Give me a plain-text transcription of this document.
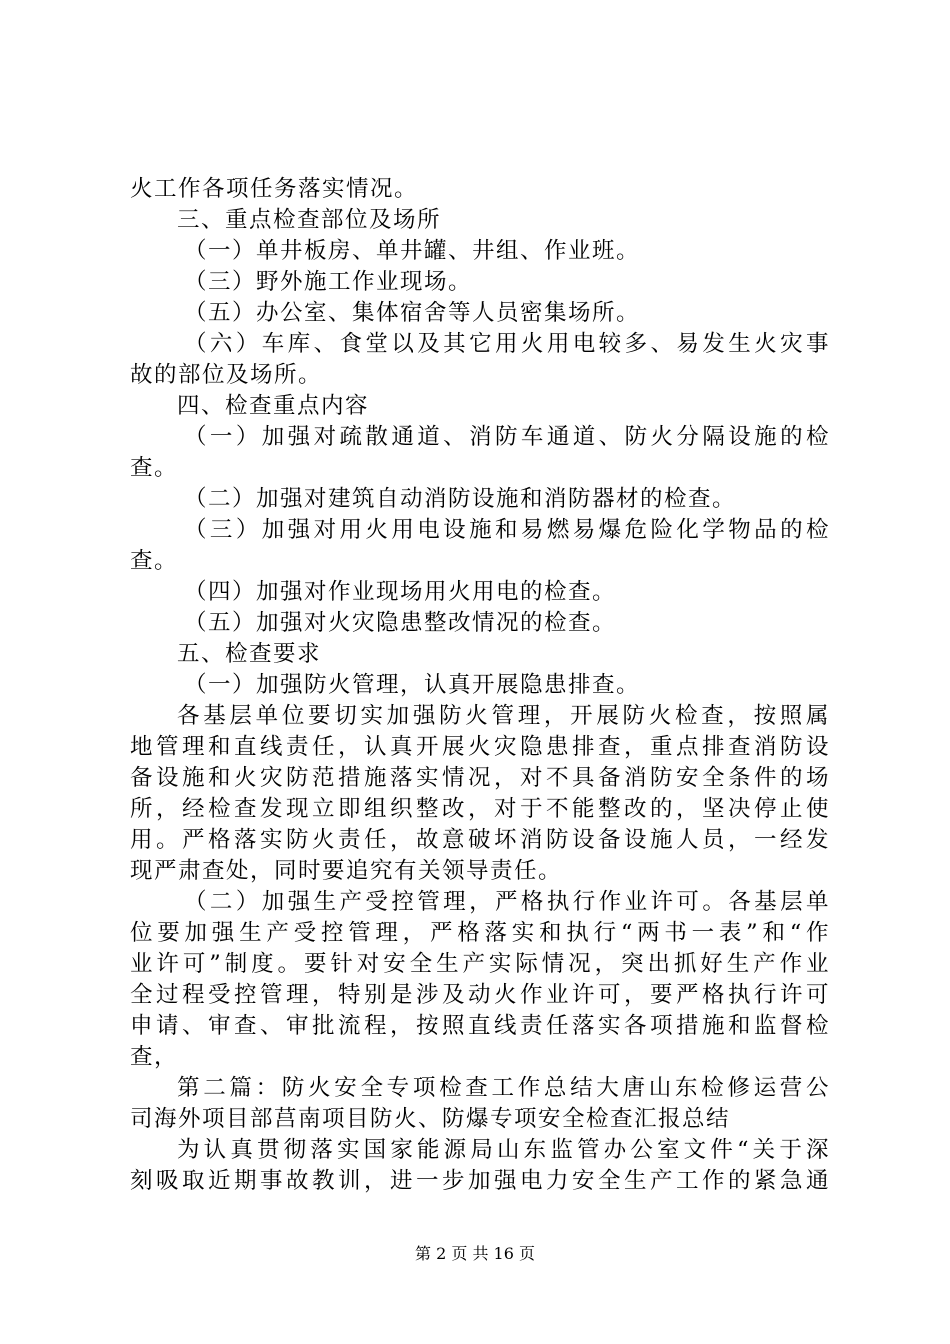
火工作各项任务落实情况。
三、重点检查部位及场所
（一）单井板房、单井罐、井组、作业班。
（三）野外施工作业现场。
（五）办公室、集体宿舍等人员密集场所。
（六）车库、食堂以及其它用火用电较多、易发生火灾事
故的部位及场所。
四、检查重点内容
（一）加强对疏散通道、消防车通道、防火分隔设施的检
查。
（二）加强对建筑自动消防设施和消防器材的检查。
（三）加强对用火用电设施和易燃易爆危险化学物品的检
查。
（四）加强对作业现场用火用电的检查。
（五）加强对火灾隐患整改情况的检查。
五、检查要求
（一）加强防火管理，认真开展隐患排查。
各基层单位要切实加强防火管理，开展防火检查，按照属
地管理和直线责任，认真开展火灾隐患排查，重点排查消防设
备设施和火灾防范措施落实情况，对不具备消防安全条件的场
所，经检查发现立即组织整改，对于不能整改的，坚决停止使
用。严格落实防火责任，故意破坏消防设备设施人员，一经发
现严肃查处，同时要追究有关领导责任。
（二）加强生产受控管理，严格执行作业许可。各基层单
位要加强生产受控管理，严格落实和执行“两书一表”和“作
业许可”制度。要针对安全生产实际情况，突出抓好生产作业
全过程受控管理，特别是涉及动火作业许可，要严格执行许可
申请、审查、审批流程，按照直线责任落实各项措施和监督检
查，
第二篇：防火安全专项检查工作总结大唐山东检修运营公
司海外项目部莒南项目防火、防爆专项安全检查汇报总结
为认真贯彻落实国家能源局山东监管办公室文件“关于深
刻吸取近期事故教训，进一步加强电力安全生产工作的紧急通
第 2 页 共 16 页
